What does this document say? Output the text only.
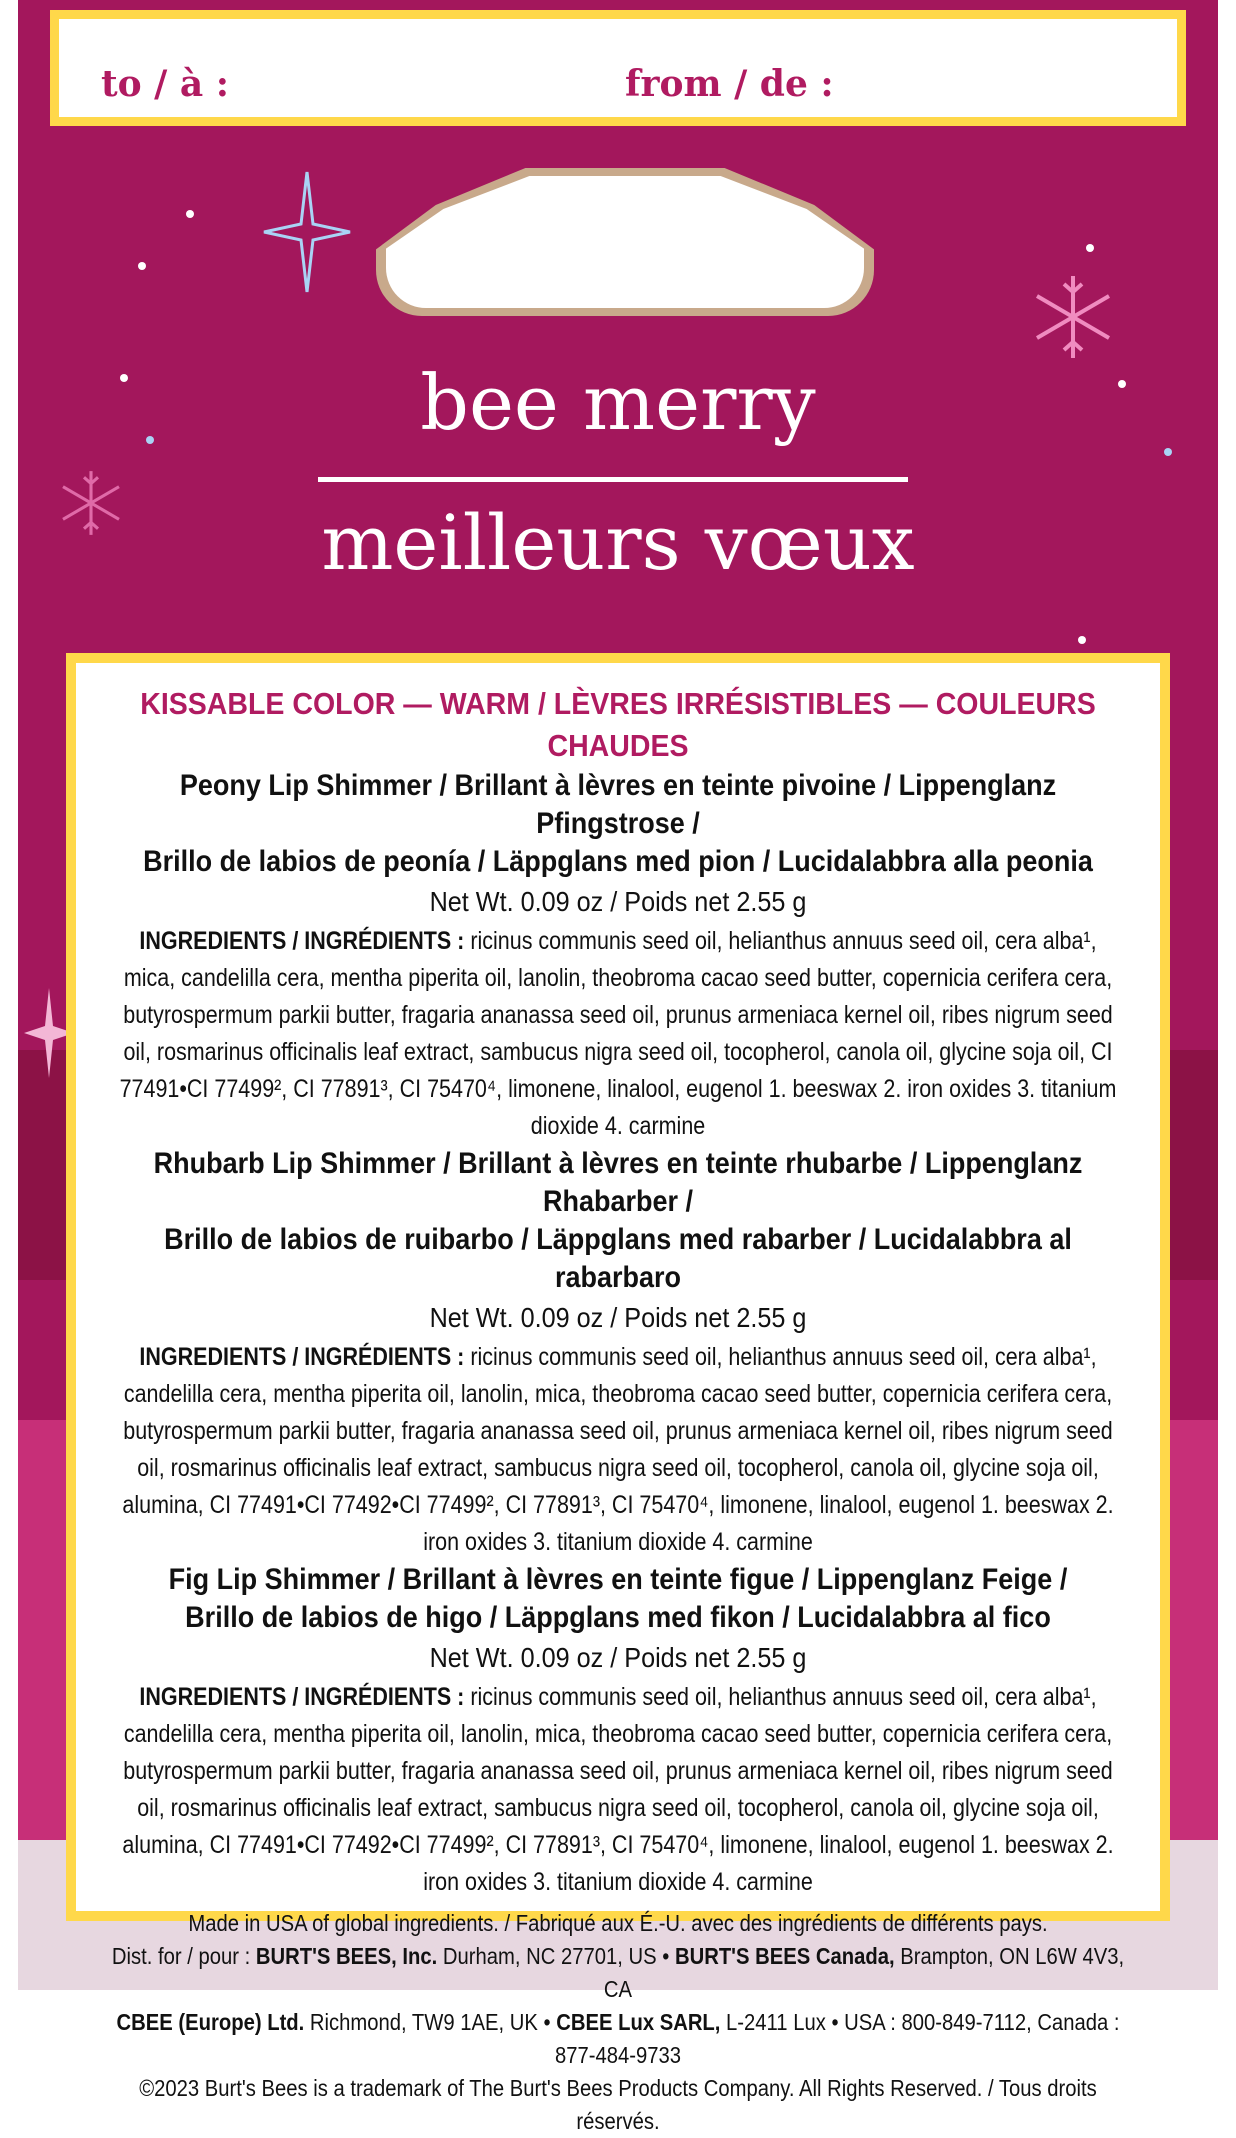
to / à :	from / de :
bee merry
meilleurs vœux
KISSABLE COLOR — WARM / LÈVRES IRRÉSISTIBLES — COULEURS CHAUDES
Peony Lip Shimmer / Brillant à lèvres en teinte pivoine / Lippenglanz Pfingstrose /
Brillo de labios de peonía / Läppglans med pion / Lucidalabbra alla peonia
Net Wt. 0.09 oz / Poids net 2.55 g
INGREDIENTS / INGRÉDIENTS : ricinus communis seed oil, helianthus annuus seed oil, cera alba¹, mica, candelilla cera, mentha piperita oil, lanolin, theobroma cacao seed butter, copernicia cerifera cera, butyrospermum parkii butter, fragaria ananassa seed oil, prunus armeniaca kernel oil, ribes nigrum seed oil, rosmarinus officinalis leaf extract, sambucus nigra seed oil, tocopherol, canola oil, glycine soja oil, CI 77491•CI 77499², CI 77891³, CI 75470⁴, limonene, linalool, eugenol 1. beeswax 2. iron oxides 3. titanium dioxide 4. carmine
Rhubarb Lip Shimmer / Brillant à lèvres en teinte rhubarbe / Lippenglanz Rhabarber /
Brillo de labios de ruibarbo / Läppglans med rabarber / Lucidalabbra al rabarbaro
Net Wt. 0.09 oz / Poids net 2.55 g
INGREDIENTS / INGRÉDIENTS : ricinus communis seed oil, helianthus annuus seed oil, cera alba¹, candelilla cera, mentha piperita oil, lanolin, mica, theobroma cacao seed butter, copernicia cerifera cera, butyrospermum parkii butter, fragaria ananassa seed oil, prunus armeniaca kernel oil, ribes nigrum seed oil, rosmarinus officinalis leaf extract, sambucus nigra seed oil, tocopherol, canola oil, glycine soja oil, alumina, CI 77491•CI 77492•CI 77499², CI 77891³, CI 75470⁴, limonene, linalool, eugenol 1. beeswax 2. iron oxides 3. titanium dioxide 4. carmine
Fig Lip Shimmer / Brillant à lèvres en teinte figue / Lippenglanz Feige /
Brillo de labios de higo / Läppglans med fikon / Lucidalabbra al fico
Net Wt. 0.09 oz / Poids net 2.55 g
INGREDIENTS / INGRÉDIENTS : ricinus communis seed oil, helianthus annuus seed oil, cera alba¹, candelilla cera, mentha piperita oil, lanolin, mica, theobroma cacao seed butter, copernicia cerifera cera, butyrospermum parkii butter, fragaria ananassa seed oil, prunus armeniaca kernel oil, ribes nigrum seed oil, rosmarinus officinalis leaf extract, sambucus nigra seed oil, tocopherol, canola oil, glycine soja oil, alumina, CI 77491•CI 77492•CI 77499², CI 77891³, CI 75470⁴, limonene, linalool, eugenol 1. beeswax 2. iron oxides 3. titanium dioxide 4. carmine
Made in USA of global ingredients. / Fabriqué aux É.-U. avec des ingrédients de différents pays.
Dist. for / pour : BURT'S BEES, Inc. Durham, NC 27701, US • BURT'S BEES Canada, Brampton, ON L6W 4V3, CA
CBEE (Europe) Ltd. Richmond, TW9 1AE, UK • CBEE Lux SARL, L-2411 Lux • USA : 800-849-7112, Canada : 877-484-9733
©2023 Burt's Bees is a trademark of The Burt's Bees Products Company. All Rights Reserved. / Tous droits réservés.
